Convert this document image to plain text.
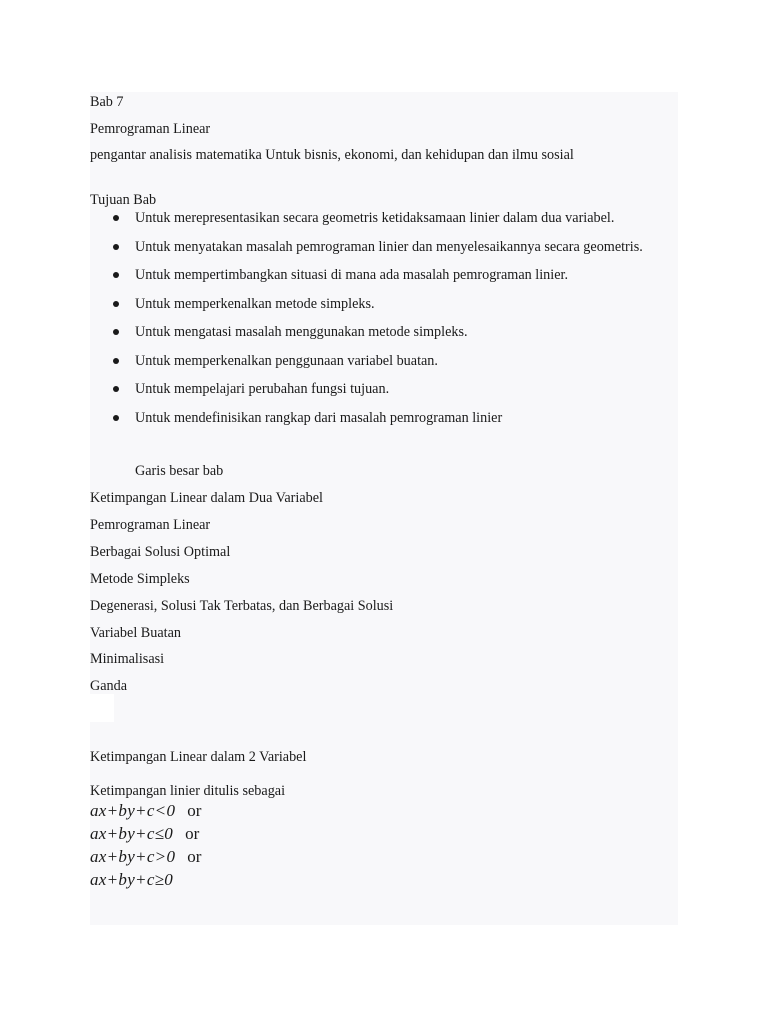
Bab 7
Pemrograman Linear
pengantar analisis matematika Untuk bisnis, ekonomi, dan kehidupan dan ilmu sosial
Tujuan Bab
Untuk merepresentasikan secara geometris ketidaksamaan linier dalam dua variabel.
Untuk menyatakan masalah pemrograman linier dan menyelesaikannya secara geometris.
Untuk mempertimbangkan situasi di mana ada masalah pemrograman linier.
Untuk memperkenalkan metode simpleks.
Untuk mengatasi masalah menggunakan metode simpleks.
Untuk memperkenalkan penggunaan variabel buatan.
Untuk mempelajari perubahan fungsi tujuan.
Untuk mendefinisikan rangkap dari masalah pemrograman linier
Garis besar bab
Ketimpangan Linear dalam Dua Variabel
Pemrograman Linear
Berbagai Solusi Optimal
Metode Simpleks
Degenerasi, Solusi Tak Terbatas, dan Berbagai Solusi
Variabel Buatan
Minimalisasi
Ganda
Ketimpangan Linear dalam 2 Variabel
Ketimpangan linier ditulis sebagai
ax+by+c<0 or
ax+by+c≤0 or
ax+by+c>0 or
ax+by+c≥0
